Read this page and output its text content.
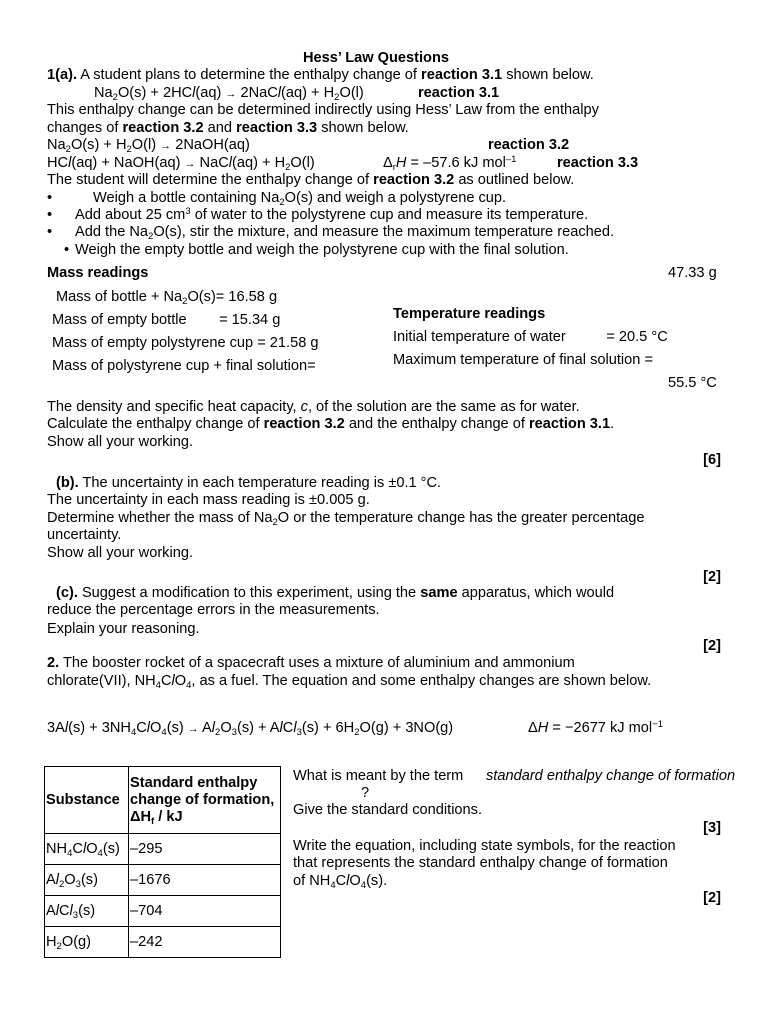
Hess’ Law Questions
1(a). A student plans to determine the enthalpy change of reaction 3.1 shown below.
$Na_2O(s) + 2HCl(aq)$ → 2NaCl(aq) + $H_2O(l)$	reaction 3.1
This enthalpy change can be determined indirectly using Hess’ Law from the enthalpy
changes of reaction 3.2 and reaction 3.3 shown below.
$Na_2O(s) + H_2O(l)$ → 2NaOH(aq)	reaction 3.2
HCl(aq) + NaOH(aq) → NaCl(aq) + $H_2O(l)$	$\Delta_rH = -57.6$ kJ mol$^{-1}$	reaction 3.3
The student will determine the enthalpy change of reaction 3.2 as outlined below.
•	Weigh a bottle containing $Na_2O(s)$ and weigh a polystyrene cup.
• Add about 25 $cm^3$ of water to the polystyrene cup and measure its temperature.
• Add the $Na_2O(s)$, stir the mixture, and measure the maximum temperature reached.
• Weigh the empty bottle and weigh the polystyrene cup with the final solution.
Mass readings	47.33 g
Mass of bottle + $Na_2O(s)= 16.58$ g
Mass of empty bottle        = 15.34 g
Mass of empty polystyrene cup = 21.58 g
Mass of polystyrene cup + final solution=
Temperature readings
Initial temperature of water          = 20.5 °C
Maximum temperature of final solution =
55.5 °C
The density and specific heat capacity, c, of the solution are the same as for water.
Calculate the enthalpy change of reaction 3.2 and the enthalpy change of reaction 3.1.
Show all your working.
[6]
(b). The uncertainty in each temperature reading is ±0.1 °C.
The uncertainty in each mass reading is ±0.005 g.
Determine whether the mass of $Na_2O$ or the temperature change has the greater percentage
uncertainty.
Show all your working.
[2]
(c). Suggest a modification to this experiment, using the same apparatus, which would
reduce the percentage errors in the measurements.
Explain your reasoning.
[2]
2. The booster rocket of a spacecraft uses a mixture of aluminium and ammonium
chlorate(VII), $NH_4ClO_4$, as a fuel. The equation and some enthalpy changes are shown below.
$3Al(s) + 3NH_4ClO_4(s) \to Al_2O_3(s)$ + AlCl$_3$(s) + $6H_2O(g) + 3NO(g)$	ΔH = −2677 kJ mol$^{-1}$
Substance	Standard enthalpy change of formation, $\Delta H_f$ / kJ
$NH_4ClO_4(s)$	–295
$Al_2O_3(s)$	–1676
AlCl$_3$(s)	–704
$H_2O(g)$	–242
What is meant by the term standard enthalpy change of formation
?
Give the standard conditions.
[3]
Write the equation, including state symbols, for the reaction
that represents the standard enthalpy change of formation
of $NH_4ClO_4(s)$.
[2]
